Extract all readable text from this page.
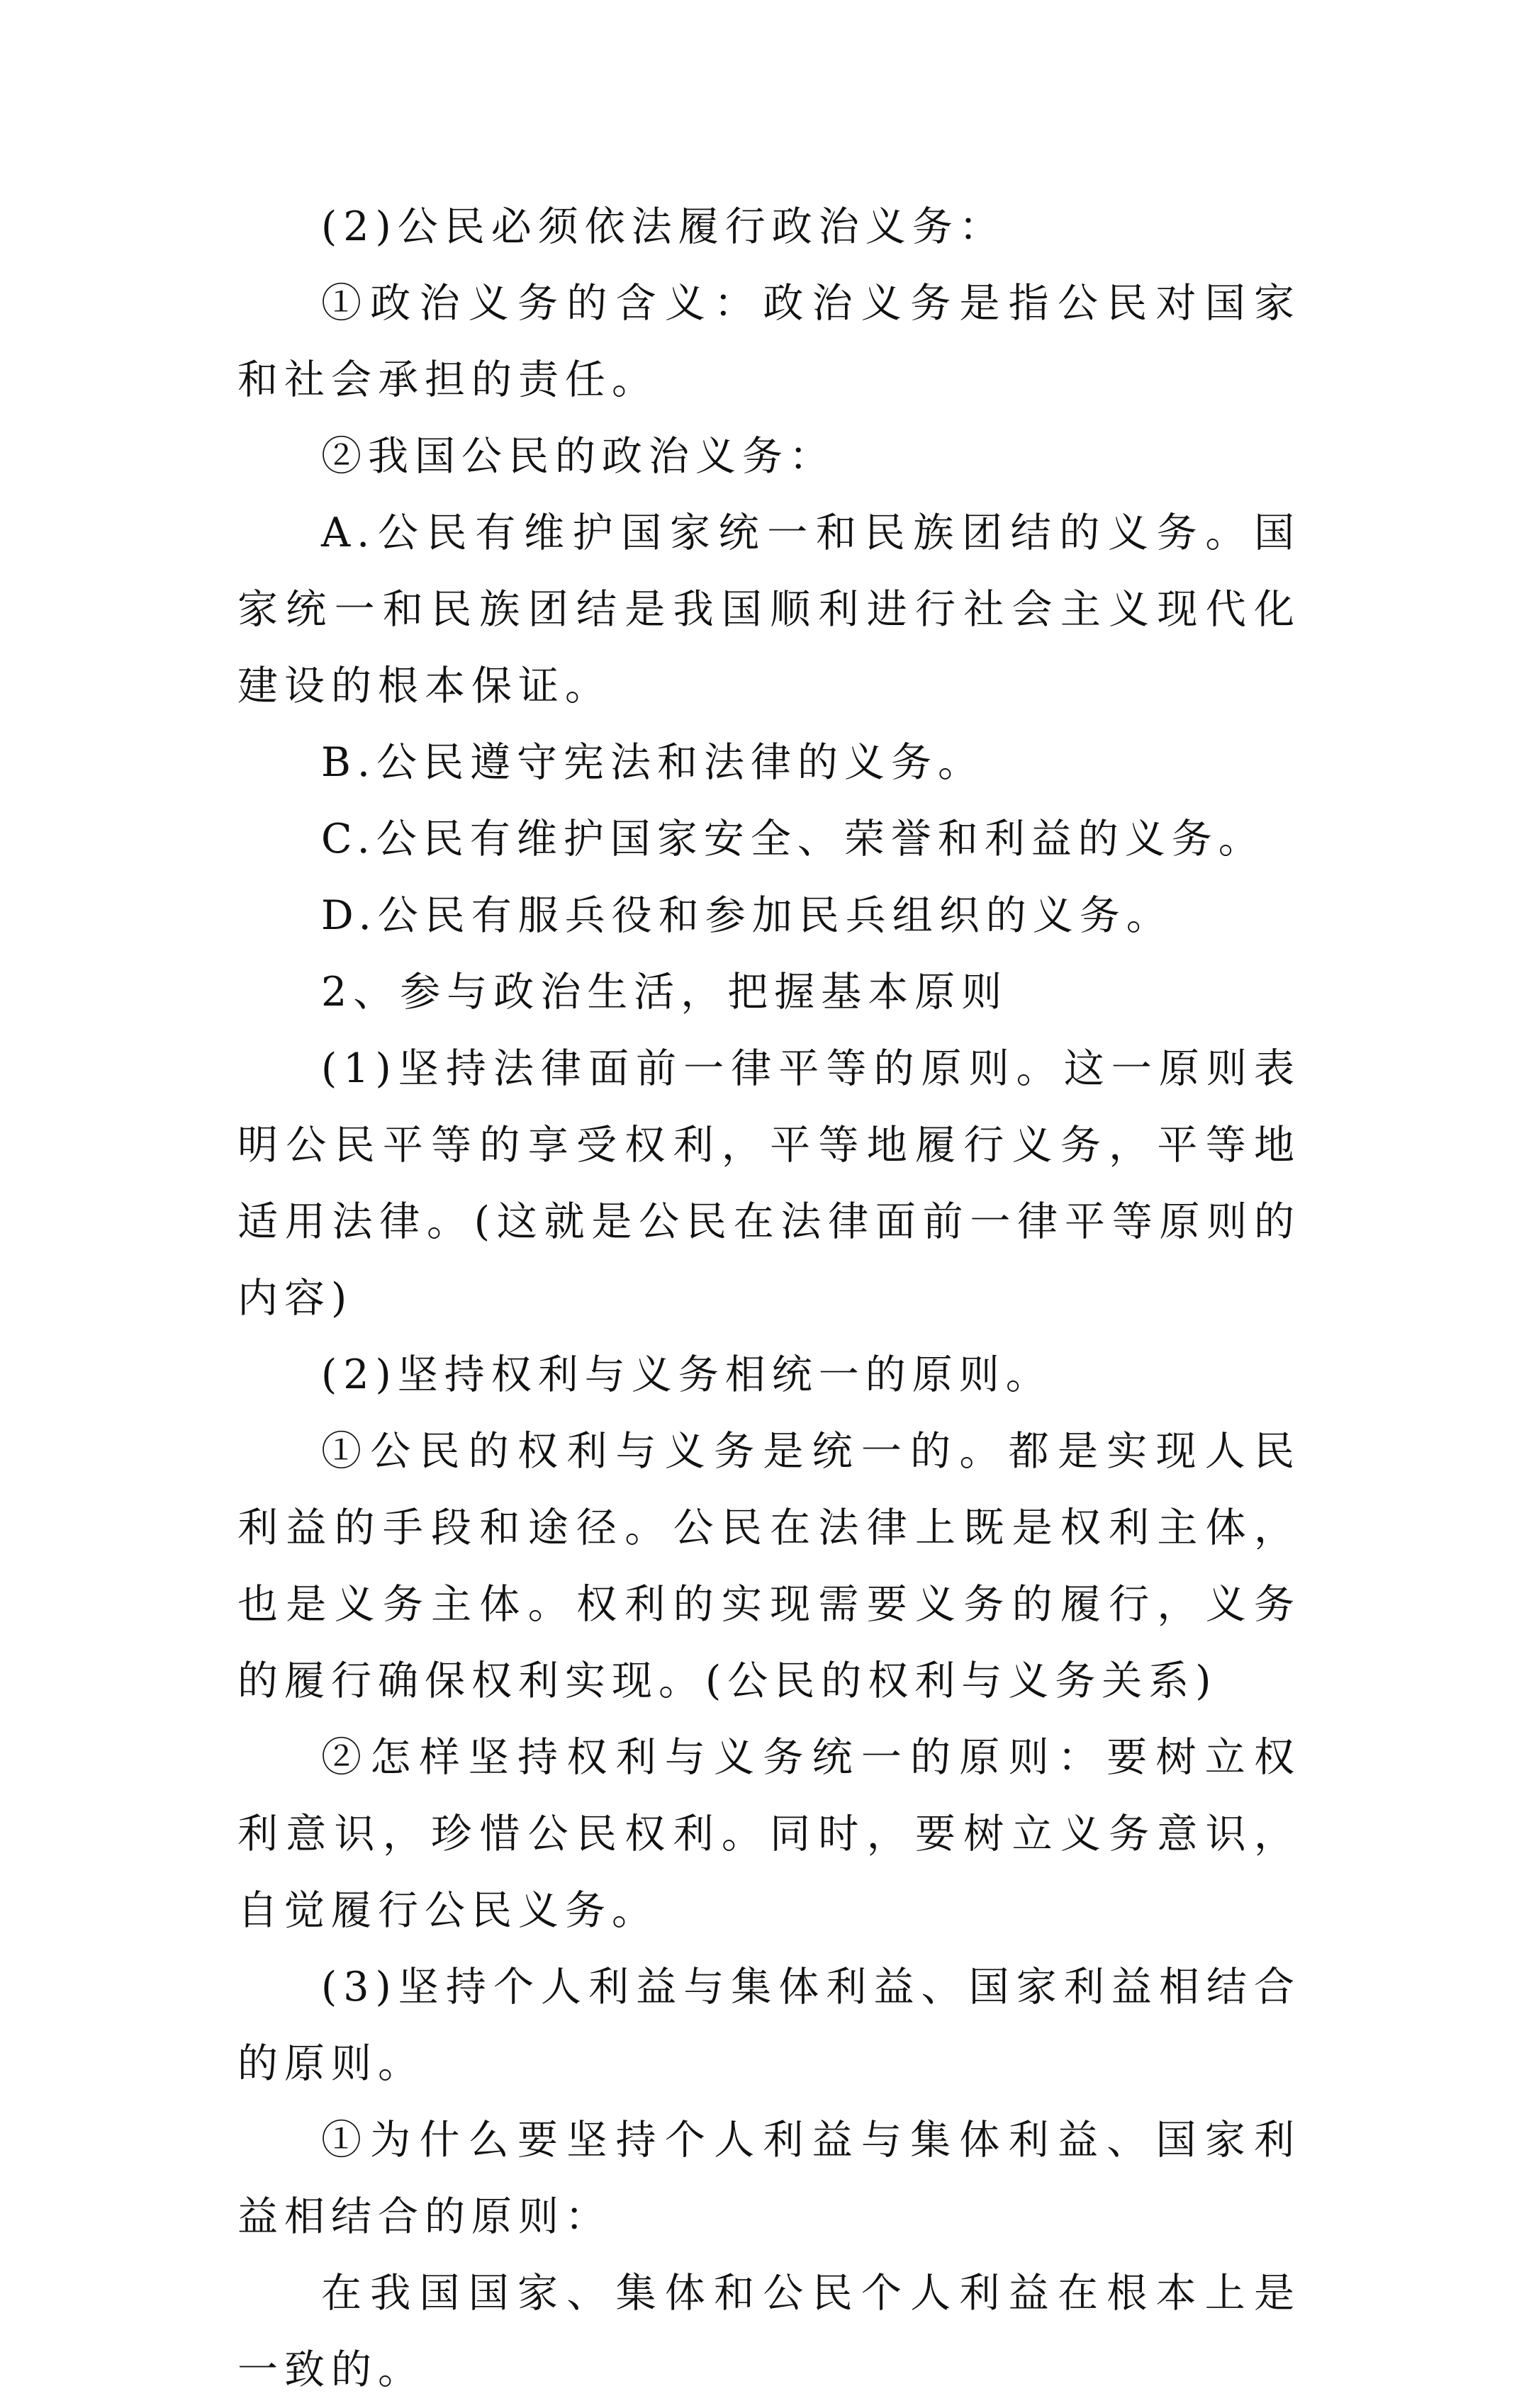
(2)公民必须依法履行政治义务：

①政治义务的含义：政治义务是指公民对国家和社会承担的责任。

②我国公民的政治义务：

A.公民有维护国家统一和民族团结的义务。国家统一和民族团结是我国顺利进行社会主义现代化建设的根本保证。

B.公民遵守宪法和法律的义务。

C.公民有维护国家安全、荣誉和利益的义务。

D.公民有服兵役和参加民兵组织的义务。

2、参与政治生活，把握基本原则

(1)坚持法律面前一律平等的原则。这一原则表明公民平等的享受权利，平等地履行义务，平等地适用法律。(这就是公民在法律面前一律平等原则的内容)

(2)坚持权利与义务相统一的原则。

①公民的权利与义务是统一的。都是实现人民利益的手段和途径。公民在法律上既是权利主体，也是义务主体。权利的实现需要义务的履行，义务的履行确保权利实现。(公民的权利与义务关系)

②怎样坚持权利与义务统一的原则：要树立权利意识，珍惜公民权利。同时，要树立义务意识，自觉履行公民义务。

(3)坚持个人利益与集体利益、国家利益相结合的原则。

①为什么要坚持个人利益与集体利益、国家利益相结合的原则：

在我国国家、集体和公民个人利益在根本上是一致的。
